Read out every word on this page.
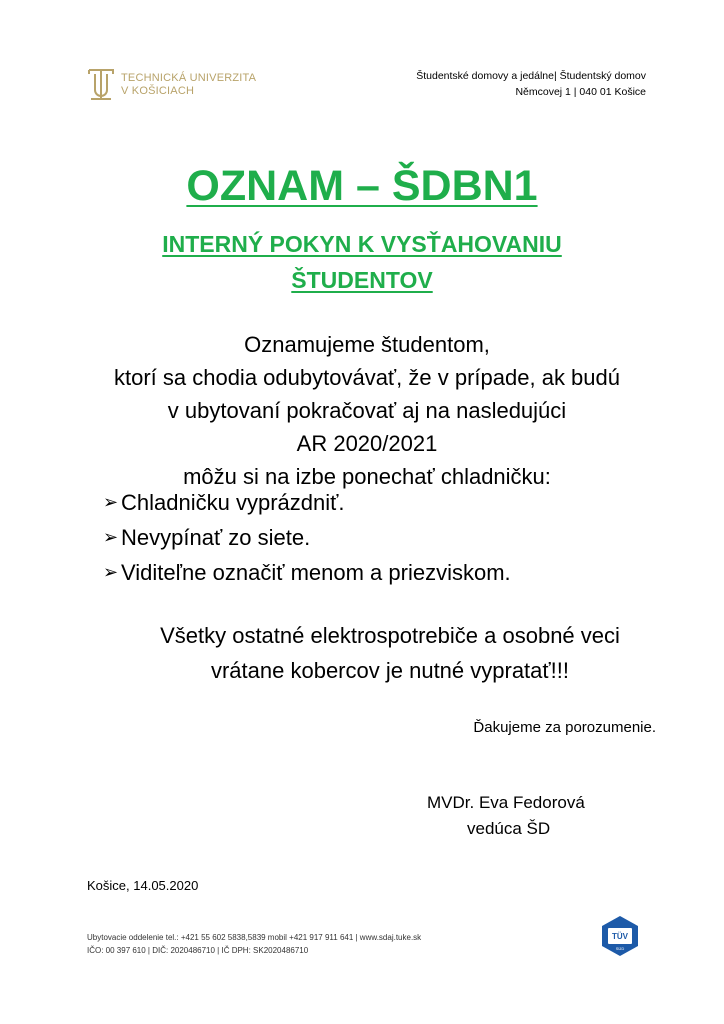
TECHNICKÁ UNIVERZITA
V KOŠICIACH
Študentské domovy a jedálne| Študentský domov
Němcovej 1 | 040 01 Košice
OZNAM – ŠDBN1
INTERNÝ POKYN K VYSŤAHOVANIU
ŠTUDENTOV
Oznamujeme študentom,
ktorí sa chodia odubytovávať, že v prípade, ak budú
v ubytovaní pokračovať aj na nasledujúci
AR 2020/2021
môžu si na izbe ponechať chladničku:
➢ Chladničku vyprázdniť.
➢ Nevypínať zo siete.
➢ Viditeľne označiť menom a priezviskom.
Všetky ostatné elektrospotrebiče a osobné veci
vrátane kobercov je nutné vypratať!!!
Ďakujeme za porozumenie.
MVDr. Eva Fedorová
vedúca ŠD
Košice, 14.05.2020
Ubytovacie oddelenie tel.: +421 55 602 5838,5839 mobil +421 917 911 641 | www.sdaj.tuke.sk
IČO: 00 397 610 | DIČ: 2020486710 | IČ DPH: SK2020486710
TÜV
SÜD
